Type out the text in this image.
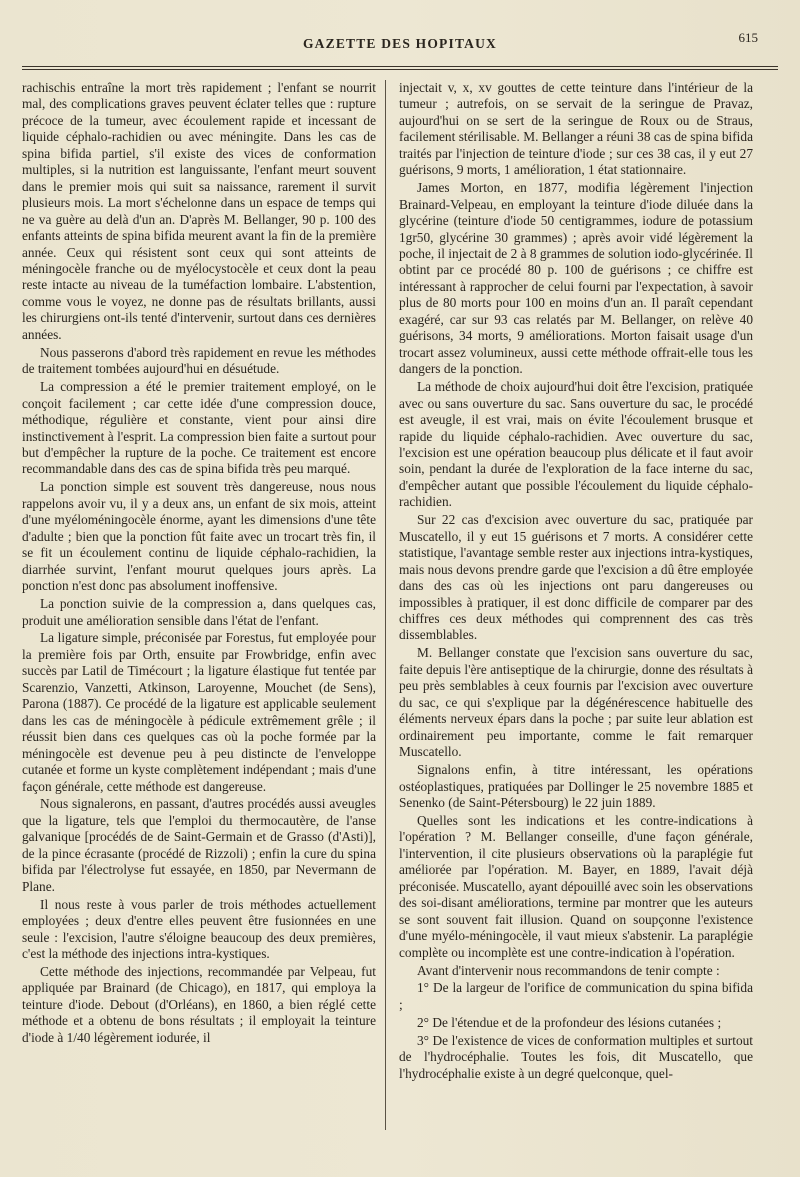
GAZETTE DES HOPITAUX	615

rachischis entraîne la mort très rapidement ; l'enfant se nourrit mal, des complications graves peuvent éclater telles que : rupture précoce de la tumeur, avec écoulement rapide et incessant de liquide céphalo-rachidien ou avec méningite. Dans les cas de spina bifida partiel, s'il existe des vices de conformation multiples, si la nutrition est languissante, l'enfant meurt souvent dans le premier mois qui suit sa naissance, rarement il survit plusieurs mois. La mort s'échelonne dans un espace de temps qui ne va guère au delà d'un an. D'après M. Bellanger, 90 p. 100 des enfants atteints de spina bifida meurent avant la fin de la première année. Ceux qui résistent sont ceux qui sont atteints de méningocèle franche ou de myélocystocèle et ceux dont la peau reste intacte au niveau de la tuméfaction lombaire. L'abstention, comme vous le voyez, ne donne pas de résultats brillants, aussi les chirurgiens ont-ils tenté d'intervenir, surtout dans ces dernières années.

Nous passerons d'abord très rapidement en revue les méthodes de traitement tombées aujourd'hui en désuétude.

La compression a été le premier traitement employé, on le conçoit facilement ; car cette idée d'une compression douce, méthodique, régulière et constante, vient pour ainsi dire instinctivement à l'esprit. La compression bien faite a surtout pour but d'empêcher la rupture de la poche. Ce traitement est encore recommandable dans des cas de spina bifida très peu marqué.

La ponction simple est souvent très dangereuse, nous nous rappelons avoir vu, il y a deux ans, un enfant de six mois, atteint d'une myéloméningocèle énorme, ayant les dimensions d'une tête d'adulte ; bien que la ponction fût faite avec un trocart très fin, il se fit un écoulement continu de liquide céphalo-rachidien, la diarrhée survint, l'enfant mourut quelques jours après. La ponction n'est donc pas absolument inoffensive.

La ponction suivie de la compression a, dans quelques cas, produit une amélioration sensible dans l'état de l'enfant.

La ligature simple, préconisée par Forestus, fut employée pour la première fois par Orth, ensuite par Frowbridge, enfin avec succès par Latil de Timécourt ; la ligature élastique fut tentée par Scarenzio, Vanzetti, Atkinson, Laroyenne, Mouchet (de Sens), Parona (1887). Ce procédé de la ligature est applicable seulement dans les cas de méningocèle à pédicule extrêmement grêle ; il réussit bien dans ces quelques cas où la poche formée par la méningocèle est devenue peu à peu distincte de l'enveloppe cutanée et forme un kyste complètement indépendant ; mais d'une façon générale, cette méthode est dangereuse.

Nous signalerons, en passant, d'autres procédés aussi aveugles que la ligature, tels que l'emploi du thermocautère, de l'anse galvanique [procédés de de Saint-Germain et de Grasso (d'Asti)], de la pince écrasante (procédé de Rizzoli) ; enfin la cure du spina bifida par l'électrolyse fut essayée, en 1850, par Nevermann de Plane.

Il nous reste à vous parler de trois méthodes actuellement employées ; deux d'entre elles peuvent être fusionnées en une seule : l'excision, l'autre s'éloigne beaucoup des deux premières, c'est la méthode des injections intra-kystiques.

Cette méthode des injections, recommandée par Velpeau, fut appliquée par Brainard (de Chicago), en 1817, qui employa la teinture d'iode. Debout (d'Orléans), en 1860, a bien réglé cette méthode et a obtenu de bons résultats ; il employait la teinture d'iode à 1/40 légèrement iodurée, il

injectait v, x, xv gouttes de cette teinture dans l'intérieur de la tumeur ; autrefois, on se servait de la seringue de Pravaz, aujourd'hui on se sert de la seringue de Roux ou de Straus, facilement stérilisable. M. Bellanger a réuni 38 cas de spina bifida traités par l'injection de teinture d'iode ; sur ces 38 cas, il y eut 27 guérisons, 9 morts, 1 amélioration, 1 état stationnaire.

James Morton, en 1877, modifia légèrement l'injection Brainard-Velpeau, en employant la teinture d'iode diluée dans la glycérine (teinture d'iode 50 centigrammes, iodure de potassium 1gr50, glycérine 30 grammes) ; après avoir vidé légèrement la poche, il injectait de 2 à 8 grammes de solution iodo-glycérinée. Il obtint par ce procédé 80 p. 100 de guérisons ; ce chiffre est intéressant à rapprocher de celui fourni par l'expectation, à savoir plus de 80 morts pour 100 en moins d'un an. Il paraît cependant exagéré, car sur 93 cas relatés par M. Bellanger, on relève 40 guérisons, 34 morts, 9 améliorations. Morton faisait usage d'un trocart assez volumineux, aussi cette méthode offrait-elle tous les dangers de la ponction.

La méthode de choix aujourd'hui doit être l'excision, pratiquée avec ou sans ouverture du sac. Sans ouverture du sac, le procédé est aveugle, il est vrai, mais on évite l'écoulement brusque et rapide du liquide céphalo-rachidien. Avec ouverture du sac, l'excision est une opération beaucoup plus délicate et il faut avoir soin, pendant la durée de l'exploration de la face interne du sac, d'empêcher autant que possible l'écoulement du liquide céphalo-rachidien.

Sur 22 cas d'excision avec ouverture du sac, pratiquée par Muscatello, il y eut 15 guérisons et 7 morts. A considérer cette statistique, l'avantage semble rester aux injections intra-kystiques, mais nous devons prendre garde que l'excision a dû être employée dans des cas où les injections ont paru dangereuses ou impossibles à pratiquer, il est donc difficile de comparer par des chiffres ces deux méthodes qui comprennent des cas très dissemblables.

M. Bellanger constate que l'excision sans ouverture du sac, faite depuis l'ère antiseptique de la chirurgie, donne des résultats à peu près semblables à ceux fournis par l'excision avec ouverture du sac, ce qui s'explique par la dégénérescence habituelle des éléments nerveux épars dans la poche ; par suite leur ablation est ordinairement peu importante, comme le fait remarquer Muscatello.

Signalons enfin, à titre intéressant, les opérations ostéoplastiques, pratiquées par Dollinger le 25 novembre 1885 et Senenko (de Saint-Pétersbourg) le 22 juin 1889.

Quelles sont les indications et les contre-indications à l'opération ? M. Bellanger conseille, d'une façon générale, l'intervention, il cite plusieurs observations où la paraplégie fut améliorée par l'opération. M. Bayer, en 1889, l'avait déjà préconisée. Muscatello, ayant dépouillé avec soin les observations des soi-disant améliorations, termine par montrer que les auteurs se sont souvent fait illusion. Quand on soupçonne l'existence d'une myélo-méningocèle, il vaut mieux s'abstenir. La paraplégie complète ou incomplète est une contre-indication à l'opération.

Avant d'intervenir nous recommandons de tenir compte :

1° De la largeur de l'orifice de communication du spina bifida ;

2° De l'étendue et de la profondeur des lésions cutanées ;

3° De l'existence de vices de conformation multiples et surtout de l'hydrocéphalie. Toutes les fois, dit Muscatello, que l'hydrocéphalie existe à un degré quelconque, quel-
